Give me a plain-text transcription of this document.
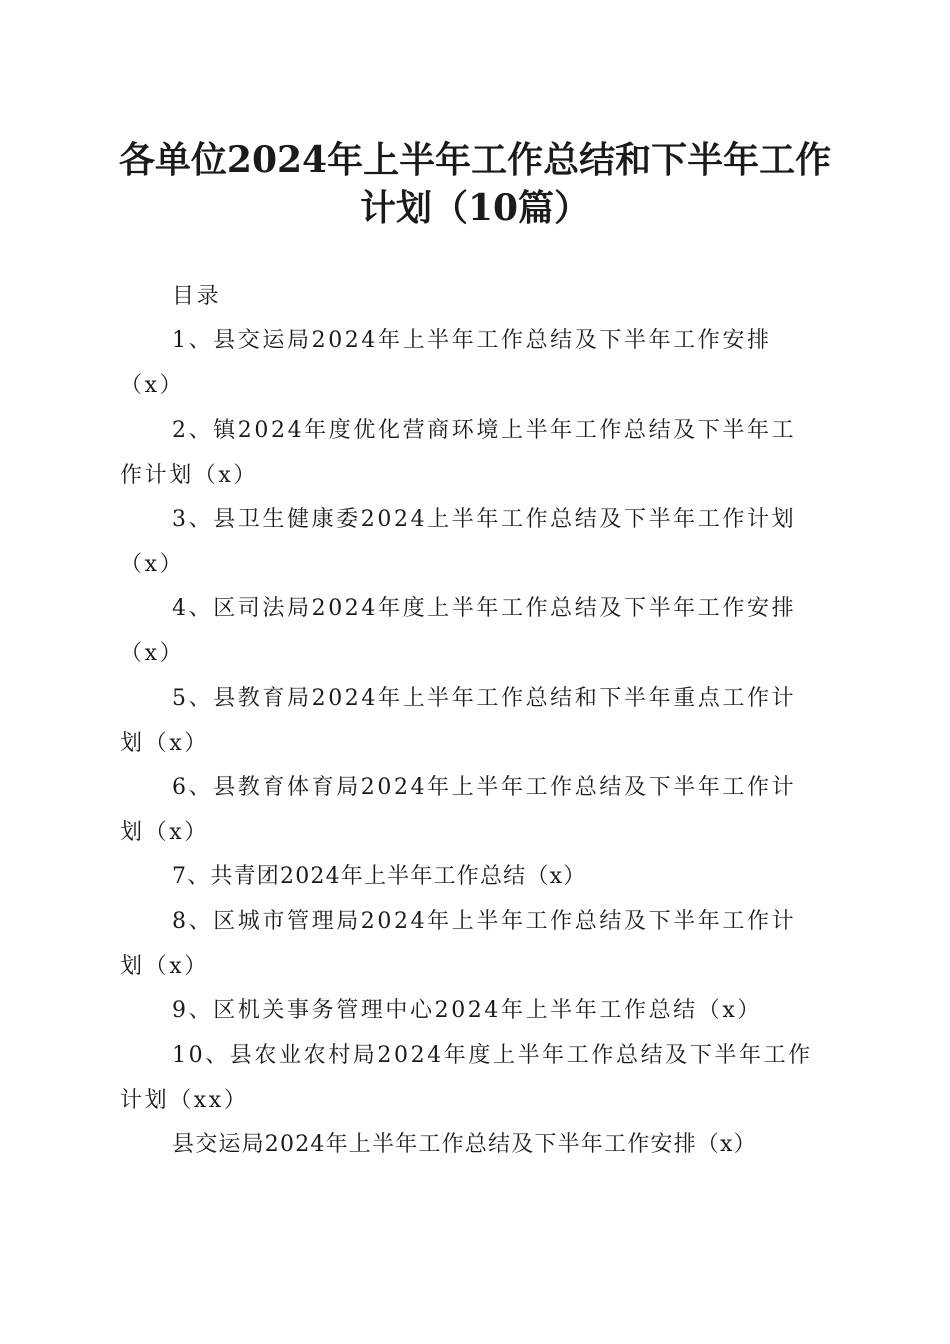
各单位2024年上半年工作总结和下半年工作
计划（10篇）
目录
1、县交运局2024年上半年工作总结及下半年工作安排
（x）
2、镇2024年度优化营商环境上半年工作总结及下半年工
作计划（x）
3、县卫生健康委2024上半年工作总结及下半年工作计划
（x）
4、区司法局2024年度上半年工作总结及下半年工作安排
（x）
5、县教育局2024年上半年工作总结和下半年重点工作计
划（x）
6、县教育体育局2024年上半年工作总结及下半年工作计
划（x）
7、共青团2024年上半年工作总结（x）
8、区城市管理局2024年上半年工作总结及下半年工作计
划（x）
9、区机关事务管理中心2024年上半年工作总结（x）
10、县农业农村局2024年度上半年工作总结及下半年工作
计划（xx）
县交运局2024年上半年工作总结及下半年工作安排（x）
